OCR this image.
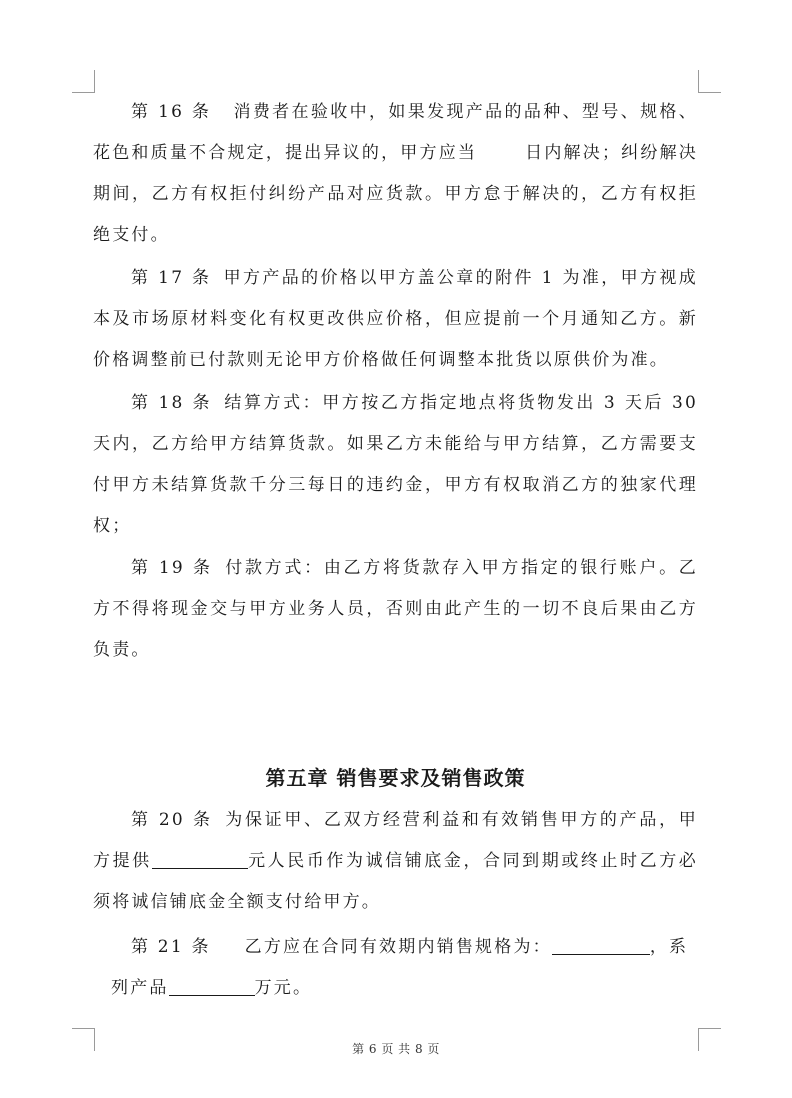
第 16 条 消费者在验收中，如果发现产品的品种、型号、规格、花色和质量不合规定，提出异议的，甲方应当	日内解决；纠纷解决期间，乙方有权拒付纠纷产品对应货款。甲方怠于解决的，乙方有权拒绝支付。

第 17 条 甲方产品的价格以甲方盖公章的附件 1 为准，甲方视成本及市场原材料变化有权更改供应价格，但应提前一个月通知乙方。新价格调整前已付款则无论甲方价格做任何调整本批货以原供价为准。

第 18 条 结算方式：甲方按乙方指定地点将货物发出 3 天后 30 天内，乙方给甲方结算货款。如果乙方未能给与甲方结算，乙方需要支付甲方未结算货款千分三每日的违约金，甲方有权取消乙方的独家代理权；

第 19 条 付款方式：由乙方将货款存入甲方指定的银行账户。乙方不得将现金交与甲方业务人员，否则由此产生的一切不良后果由乙方负责。

第五章 销售要求及销售政策

第 20 条 为保证甲、乙双方经营利益和有效销售甲方的产品，甲方提供	元人民币作为诚信铺底金，合同到期或终止时乙方必须将诚信铺底金全额支付给甲方。

第 21 条 乙方应在合同有效期内销售规格为：	，系

列产品	万元。

第 6 页 共 8 页
